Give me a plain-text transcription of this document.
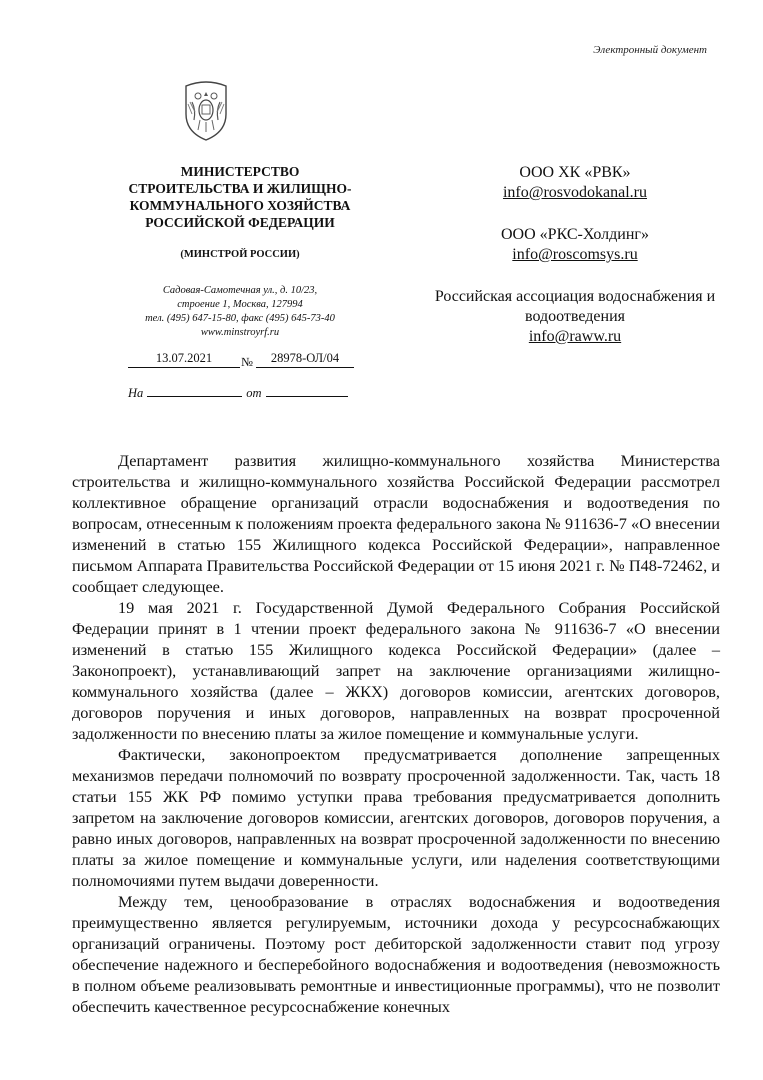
Электронный документ
МИНИСТЕРСТВО
СТРОИТЕЛЬСТВА И ЖИЛИЩНО-
КОММУНАЛЬНОГО ХОЗЯЙСТВА
РОССИЙСКОЙ ФЕДЕРАЦИИ
(МИНСТРОЙ РОССИИ)
Садовая-Самотечная ул., д. 10/23,
строение 1, Москва, 127994
тел. (495) 647-15-80, факс (495) 645-73-40
www.minstroyrf.ru
13.07.2021	№	28978-ОЛ/04
На	от
ООО ХК «РВК»
info@rosvodokanal.ru
ООО «РКС-Холдинг»
info@roscomsys.ru
Российская ассоциация водоснабжения и водоотведения
info@raww.ru

Департамент развития жилищно-коммунального хозяйства Министерства строительства и жилищно-коммунального хозяйства Российской Федерации рассмотрел коллективное обращение организаций отрасли водоснабжения и водоотведения по вопросам, отнесенным к положениям проекта федерального закона № 911636-7 «О внесении изменений в статью 155 Жилищного кодекса Российской Федерации», направленное письмом Аппарата Правительства Российской Федерации от 15 июня 2021 г. № П48-72462, и сообщает следующее.

19 мая 2021 г. Государственной Думой Федерального Собрания Российской Федерации принят в 1 чтении проект федерального закона № 911636-7 «О внесении изменений в статью 155 Жилищного кодекса Российской Федерации» (далее – Законопроект), устанавливающий запрет на заключение организациями жилищно-коммунального хозяйства (далее – ЖКХ) договоров комиссии, агентских договоров, договоров поручения и иных договоров, направленных на возврат просроченной задолженности по внесению платы за жилое помещение и коммунальные услуги.

Фактически, законопроектом предусматривается дополнение запрещенных механизмов передачи полномочий по возврату просроченной задолженности. Так, часть 18 статьи 155 ЖК РФ помимо уступки права требования предусматривается дополнить запретом на заключение договоров комиссии, агентских договоров, договоров поручения, а равно иных договоров, направленных на возврат просроченной задолженности по внесению платы за жилое помещение и коммунальные услуги, или наделения соответствующими полномочиями путем выдачи доверенности.

Между тем, ценообразование в отраслях водоснабжения и водоотведения преимущественно является регулируемым, источники дохода у ресурсоснабжающих организаций ограничены. Поэтому рост дебиторской задолженности ставит под угрозу обеспечение надежного и бесперебойного водоснабжения и водоотведения (невозможность в полном объеме реализовывать ремонтные и инвестиционные программы), что не позволит обеспечить качественное ресурсоснабжение конечных
